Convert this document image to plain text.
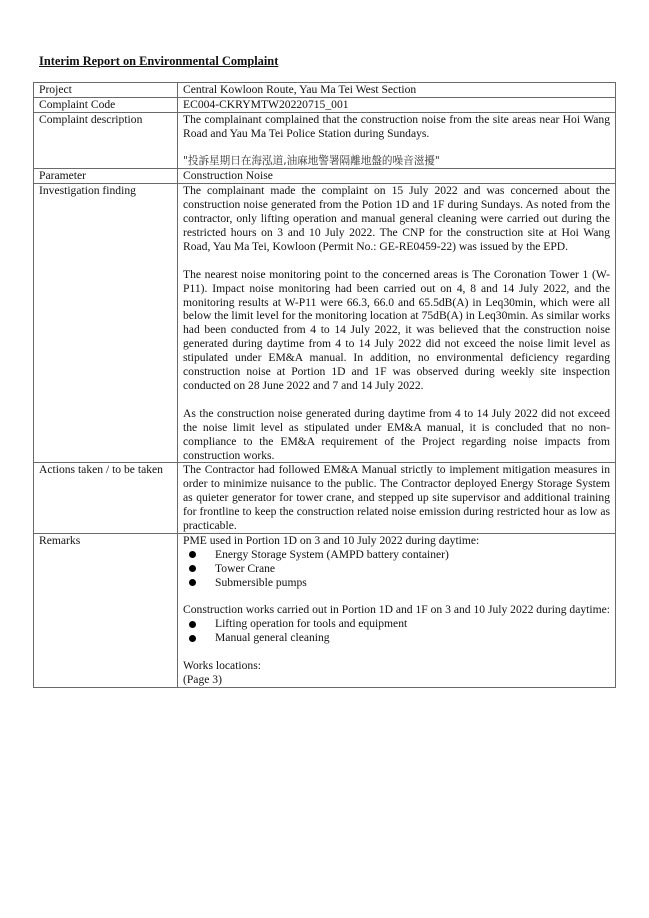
Interim Report on Environmental Complaint
Project	Central Kowloon Route, Yau Ma Tei West Section
Complaint Code	EC004-CKRYMTW20220715_001
Complaint description	The complainant complained that the construction noise from the site areas near Hoi Wang Road and Yau Ma Tei Police Station during Sundays.

"投訴星期日在海泓道,油麻地警署隔離地盤的噪音滋擾"

Parameter	Construction Noise
Investigation finding	The complainant made the complaint on 15 July 2022 and was concerned about the construction noise generated from the Potion 1D and 1F during Sundays. As noted from the contractor, only lifting operation and manual general cleaning were carried out during the restricted hours on 3 and 10 July 2022. The CNP for the construction site at Hoi Wang Road, Yau Ma Tei, Kowloon (Permit No.: GE-RE0459-22) was issued by the EPD.

The nearest noise monitoring point to the concerned areas is The Coronation Tower 1 (W-P11). Impact noise monitoring had been carried out on 4, 8 and 14 July 2022, and the monitoring results at W-P11 were 66.3, 66.0 and 65.5dB(A) in Leq30min, which were all below the limit level for the monitoring location at 75dB(A) in Leq30min. As similar works had been conducted from 4 to 14 July 2022, it was believed that the construction noise generated during daytime from 4 to 14 July 2022 did not exceed the noise limit level as stipulated under EM&A manual. In addition, no environmental deficiency regarding construction noise at Portion 1D and 1F was observed during weekly site inspection conducted on 28 June 2022 and 7 and 14 July 2022.

As the construction noise generated during daytime from 4 to 14 July 2022 did not exceed the noise limit level as stipulated under EM&A manual, it is concluded that no non-compliance to the EM&A requirement of the Project regarding noise impacts from construction works.

Actions taken / to be taken	The Contractor had followed EM&A Manual strictly to implement mitigation measures in order to minimize nuisance to the public. The Contractor deployed Energy Storage System as quieter generator for tower crane, and stepped up site supervisor and additional training for frontline to keep the construction related noise emission during restricted hour as low as practicable.
Remarks	PME used in Portion 1D on 3 and 10 July 2022 during daytime:

Energy Storage System (AMPD battery container)
Tower Crane
Submersible pumps

Construction works carried out in Portion 1D and 1F on 3 and 10 July 2022 during daytime:

Lifting operation for tools and equipment
Manual general cleaning

Works locations:

(Page 3)
